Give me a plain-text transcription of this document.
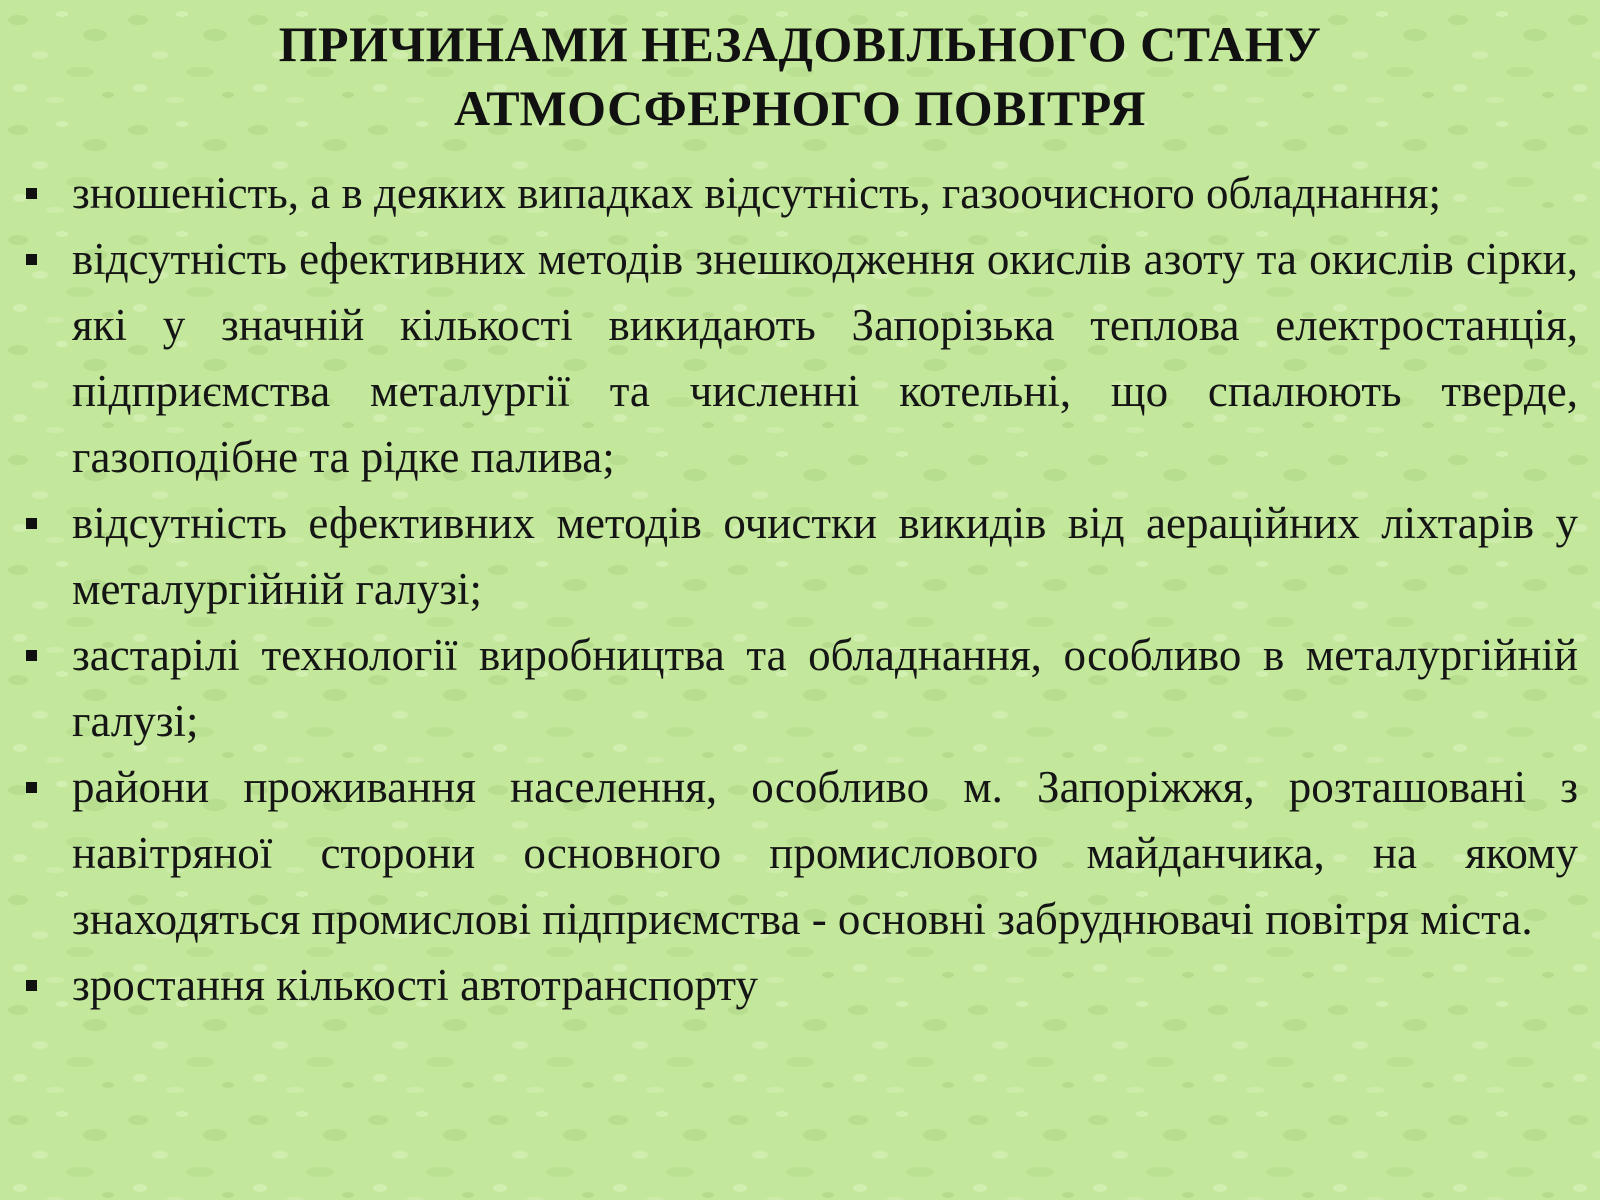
ПРИЧИНАМИ НЕЗАДОВІЛЬНОГО СТАНУ
АТМОСФЕРНОГО ПОВІТРЯ
зношеність, а в деяких випадках відсутність, газоочисного обладнання;
відсутність ефективних методів знешкодження окислів азоту та окислів сірки, які у значній кількості викидають Запорізька теплова електростанція, підприємства металургії та численні котельні, що спалюють тверде, газоподібне та рідке палива;
відсутність ефективних методів очистки викидів від аераційних ліхтарів у металургійній галузі;
застарілі технології виробництва та обладнання, особливо в металургійній галузі;
райони проживання населення, особливо м. Запоріжжя, розташовані з навітряної сторони основного промислового майданчика, на якому знаходяться промислові підприємства - основні забруднювачі повітря міста.
зростання кількості автотранспорту
